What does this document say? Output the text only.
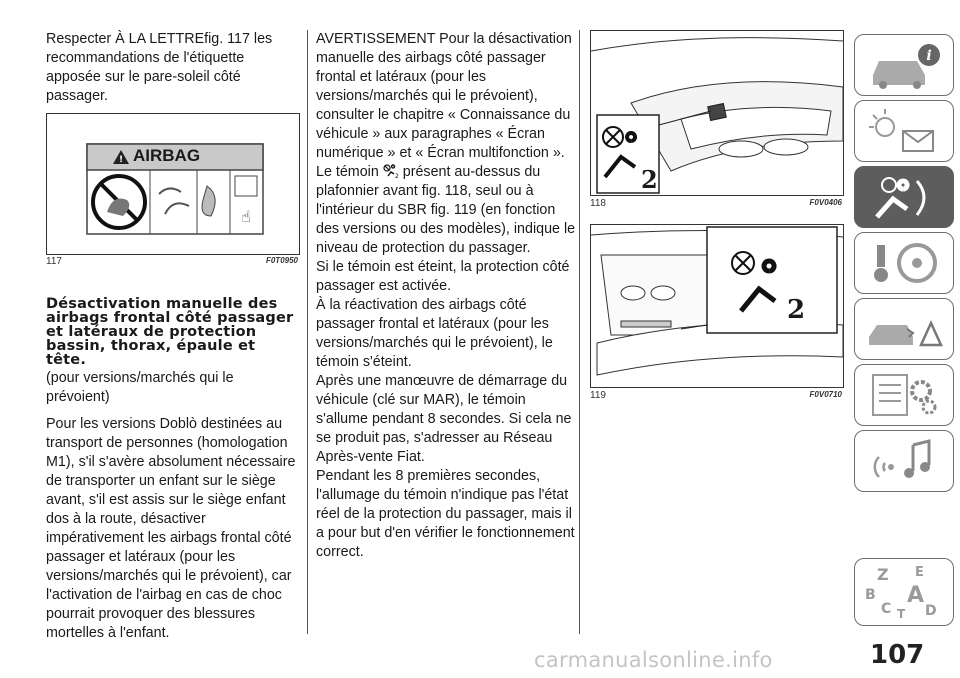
Respecter À LA LETTREfig. 117 les recommandations de l'étiquette apposée sur le pare-soleil côté passager.

!
☝
AIRBAG
117	F0T0950
Désactivation manuelle des airbags frontal côté passager et latéraux de protection bassin, thorax, épaule et tête.

(pour versions/marchés qui le prévoient)

Pour les versions Doblò destinées au transport de personnes (homologation M1), s'il s'avère absolument nécessaire de transporter un enfant sur le siège avant, s'il est assis sur le siège enfant dos à la route, désactiver impérativement les airbags frontal côté passager et latéraux (pour les versions/marchés qui le prévoient), car l'activation de l'airbag en cas de choc pourrait provoquer des blessures mortelles à l'enfant.

AVERTISSEMENT Pour la désactivation manuelle des airbags côté passager frontal et latéraux (pour les versions/marchés qui le prévoient), consulter le chapitre « Connaissance du véhicule » aux paragraphes « Écran numérique » et « Écran multifonction ».

Le témoin	2 présent au-dessus du plafonnier avant fig. 118, seul ou à l'intérieur du SBR fig. 119 (en fonction des versions ou des modèles), indique le niveau de protection du passager.

Si le témoin est éteint, la protection côté passager est activée.

À la réactivation des airbags côté passager frontal et latéraux (pour les versions/marchés qui le prévoient), le témoin s'éteint.

Après une manœuvre de démarrage du véhicule (clé sur MAR), le témoin s'allume pendant 8 secondes. Si cela ne se produit pas, s'adresser au Réseau Après-vente Fiat.

Pendant les 8 premières secondes, l'allumage du témoin n'indique pas l'état réel de la protection du passager, mais il a pour but d'en vérifier le fonctionnement correct.

2
118	F0V0406
2
119	F0V0710
i
Z E
B A
C T D
107
carmanualsonline.info
